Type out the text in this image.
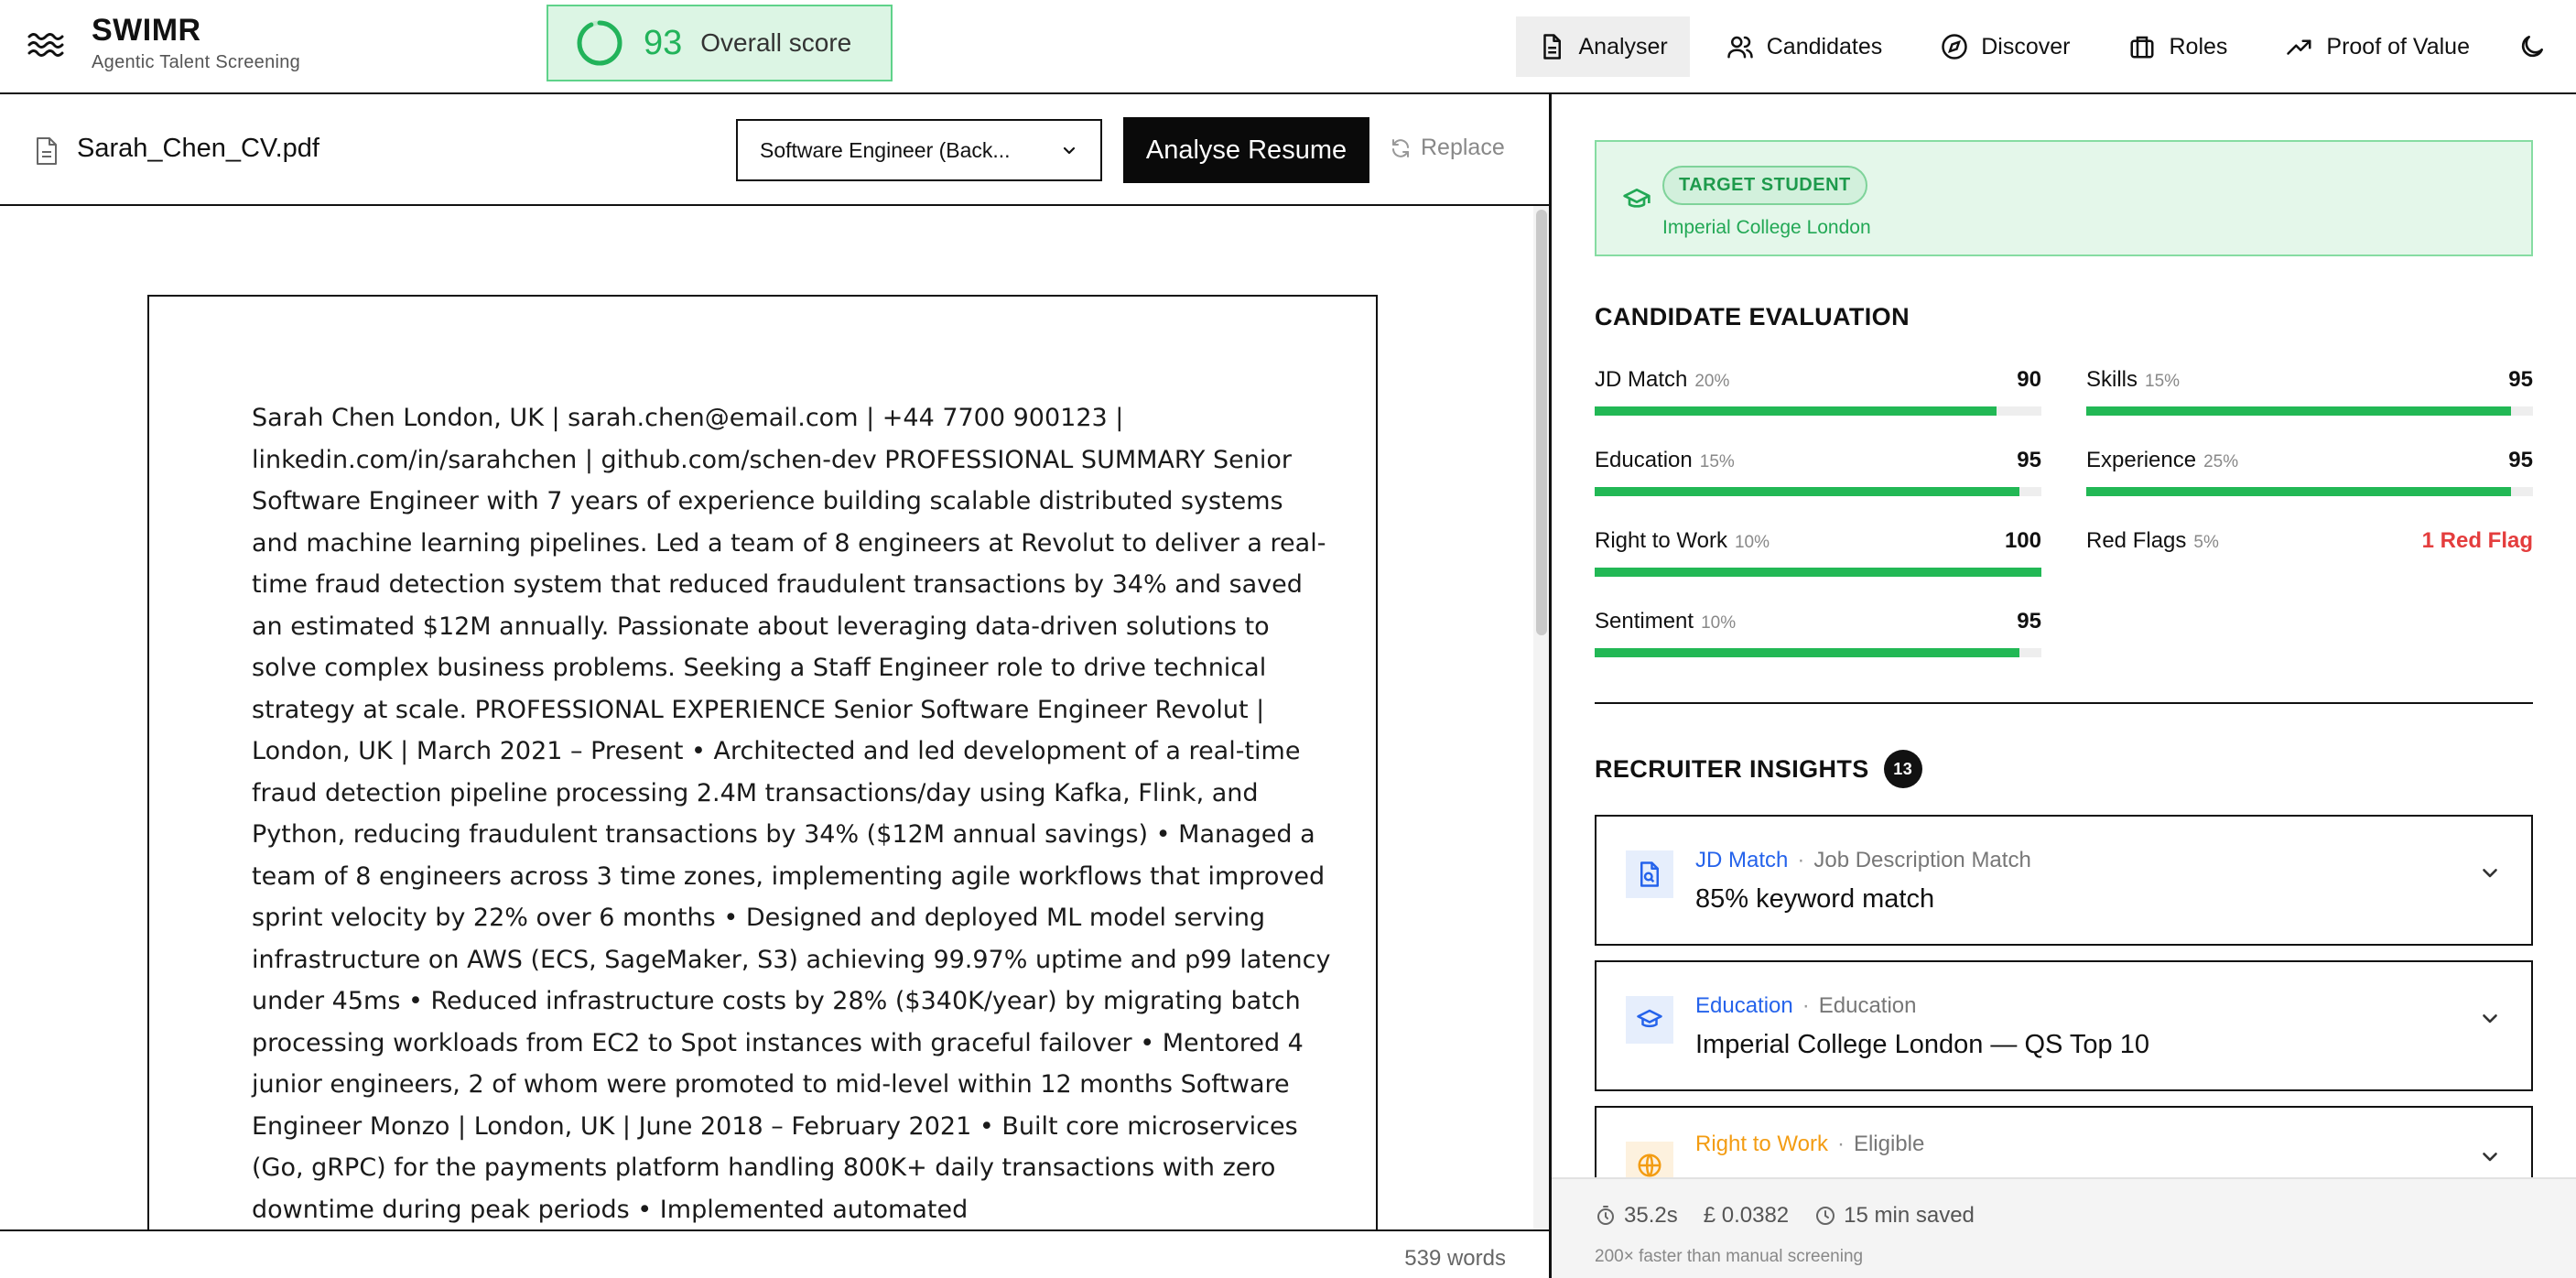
SWIMR
Agentic Talent Screening
93 Overall score	Analyser	Candidates	Discover	Roles	Proof of Value
Sarah_Chen_CV.pdf	Software Engineer (Back...	Analyse Resume	Replace
Sarah Chen London, UK | sarah.chen@email.com | +44 7700 900123 | linkedin.com/in/sarahchen | github.com/schen-dev PROFESSIONAL SUMMARY Senior Software Engineer with 7 years of experience building scalable distributed systems and machine learning pipelines. Led a team of 8 engineers at Revolut to deliver a real-time fraud detection system that reduced fraudulent transactions by 34% and saved an estimated $12M annually. Passionate about leveraging data-driven solutions to solve complex business problems. Seeking a Staff Engineer role to drive technical strategy at scale. PROFESSIONAL EXPERIENCE Senior Software Engineer Revolut | London, UK | March 2021 – Present • Architected and led development of a real-time fraud detection pipeline processing 2.4M transactions/day using Kafka, Flink, and Python, reducing fraudulent transactions by 34% ($12M annual savings) • Managed a team of 8 engineers across 3 time zones, implementing agile workflows that improved sprint velocity by 22% over 6 months • Designed and deployed ML model serving infrastructure on AWS (ECS, SageMaker, S3) achieving 99.97% uptime and p99 latency under 45ms • Reduced infrastructure costs by 28% ($340K/year) by migrating batch processing workloads from EC2 to Spot instances with graceful failover • Mentored 4 junior engineers, 2 of whom were promoted to mid-level within 12 months Software Engineer Monzo | London, UK | June 2018 – February 2021 • Built core microservices (Go, gRPC) for the payments platform handling 800K+ daily transactions with zero downtime during peak periods • Implemented automated
539 words
TARGET STUDENT
Imperial College London
CANDIDATE EVALUATION
JD Match 20%	90 Skills 15%	95
Education 15%	95 Experience 25%	95
Right to Work 10%	100 Red Flags 5%	1 Red Flag
Sentiment 10%	95
RECRUITER INSIGHTS	13
JD Match · Job Description Match
85% keyword match
Education · Education
Imperial College London — QS Top 10
Right to Work · Eligible
35.2s £ 0.0382	15 min saved
200× faster than manual screening
